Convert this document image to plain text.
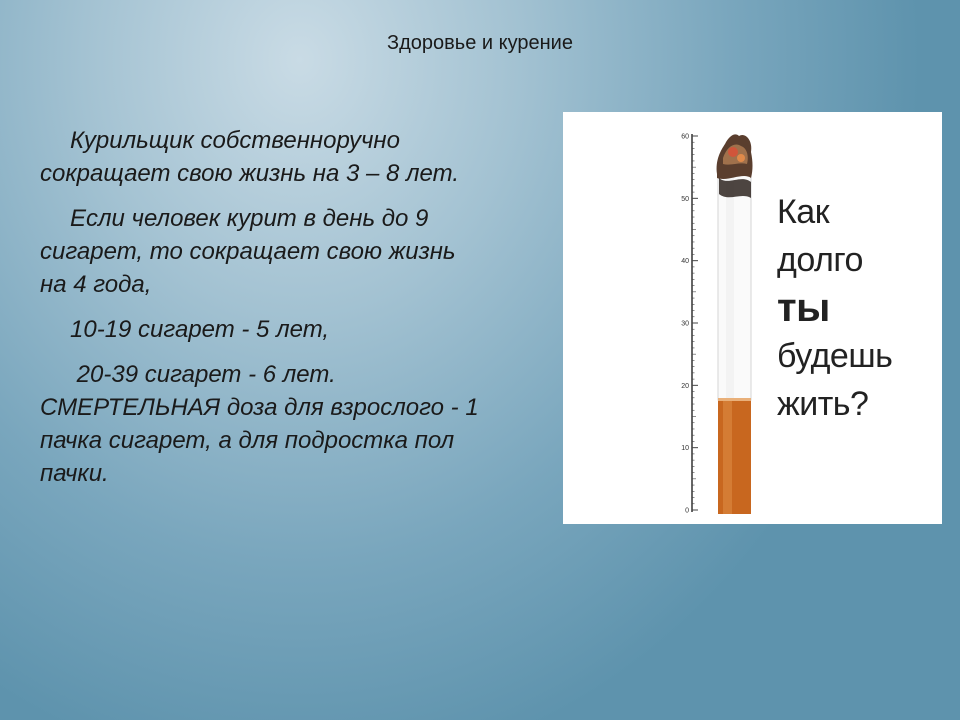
Здоровье и курение

Курильщик собственноручно
сокращает свою жизнь на 3 – 8 лет.

Если человек курит в день до 9
сигарет, то сокращает свою жизнь
на 4 года,

10-19 сигарет - 5 лет,

20-39 сигарет - 6 лет.
СМЕРТЕЛЬНАЯ доза для взрослого - 1
пачка сигарет, а для подростка пол
пачки.

60
50
40
30
20
10
0
Как
долго
ты
будешь
жить?
